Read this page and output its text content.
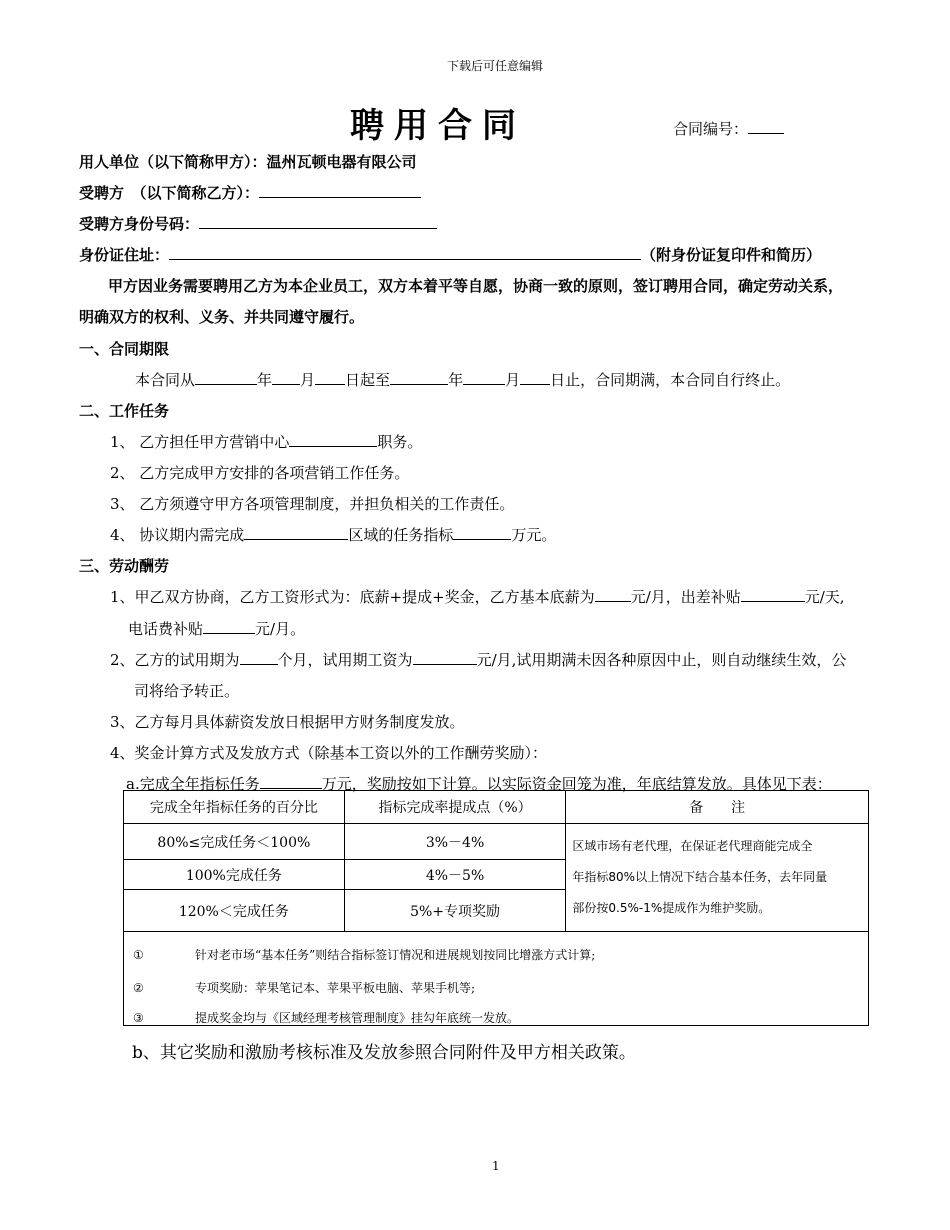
下载后可任意编辑
聘用合同	合同编号：
用人单位（以下简称甲方）：温州瓦顿电器有限公司
受聘方　（以下简称乙方）：
受聘方身份号码：
身份证住址：	（附身份证复印件和简历）
甲方因业务需要聘用乙方为本企业员工，双方本着平等自愿，协商一致的原则，签订聘用合同，确定劳动关系，
明确双方的权利、义务、并共同遵守履行。
一、合同期限
本合同从	年 月 日起至	年	月 日止，合同期满，本合同自行终止。
二、工作任务
1、 乙方担任甲方营销中心	职务。
2、 乙方完成甲方安排的各项营销工作任务。
3、 乙方须遵守甲方各项管理制度，并担负相关的工作责任。
4、 协议期内需完成	区域的任务指标	万元。
三、劳动酬劳
1、甲乙双方协商，乙方工资形式为：底薪+提成+奖金，乙方基本底薪为 元/月，出差补贴	元/天,
电话费补贴	元/月。
2、乙方的试用期为	个月，试用期工资为	元/月,试用期满未因各种原因中止，则自动继续生效，公
司将给予转正。
3、乙方每月具体薪资发放日根据甲方财务制度发放。
4、奖金计算方式及发放方式（除基本工资以外的工作酬劳奖励）：
a.完成全年指标任务	万元，奖励按如下计算。以实际资金回笼为准，年底结算发放。具体见下表：
完成全年指标任务的百分比	指标完成率提成点（%）	备　　注
80%≤完成任务＜100%	3%－4%	区域市场有老代理，在保证老代理商能完成全
年指标80%以上情况下结合基本任务，去年同量
部份按0.5%-1%提成作为维护奖励。

100%完成任务	4%－5%	
120%＜完成任务	5%+专项奖励	

①	针对老市场“基本任务”则结合指标签订情况和进展规划按同比增涨方式计算;
②	专项奖励：苹果笔记本、苹果平板电脑、苹果手机等;
③	提成奖金均与《区域经理考核管理制度》挂勾年底统一发放。
b、其它奖励和激励考核标准及发放参照合同附件及甲方相关政策。
1
